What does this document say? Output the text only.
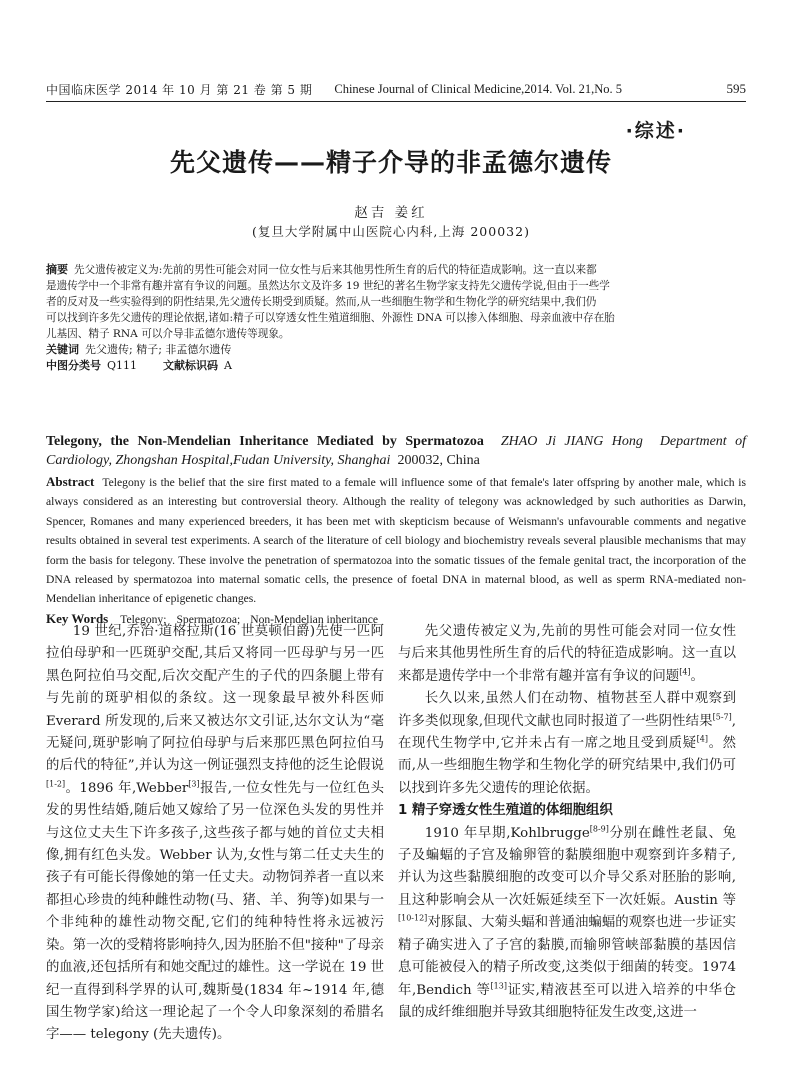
中国临床医学 2014 年 10 月 第 21 卷 第 5 期 Chinese Journal of Clinical Medicine,2014. Vol. 21,No. 5	595
·综述·
先父遗传——精子介导的非孟德尔遗传
赵吉 姜红
(复旦大学附属中山医院心内科,上海 200032)

摘要 先父遗传被定义为:先前的男性可能会对同一位女性与后来其他男性所生育的后代的特征造成影响。这一直以来都

是遗传学中一个非常有趣并富有争议的问题。虽然达尔文及许多 19 世纪的著名生物学家支持先父遗传学说,但由于一些学

者的反对及一些实验得到的阴性结果,先父遗传长期受到质疑。然而,从一些细胞生物学和生物化学的研究结果中,我们仍

可以找到许多先父遗传的理论依据,诸如:精子可以穿透女性生殖道细胞、外源性 DNA 可以掺入体细胞、母亲血液中存在胎

儿基因、精子 RNA 可以介导非孟德尔遗传等现象。

关键词 先父遗传; 精子; 非孟德尔遗传

中图分类号 Q111 文献标识码 A

Telegony, the Non-Mendelian Inheritance Mediated by Spermatozoa ZHAO Ji JIANG Hong Department of Cardiology, Zhongshan Hospital,Fudan University, Shanghai 200032, China

Abstract Telegony is the belief that the sire first mated to a female will influence some of that female's later offspring by another male, which is always considered as an interesting but controversial theory. Although the reality of telegony was acknowledged by such authorities as Darwin, Spencer, Romanes and many experienced breeders, it has been met with skepticism because of Weismann's unfavourable comments and negative results obtained in several test experiments. A search of the literature of cell biology and biochemistry reveals several plausible mechanisms that may form the basis for telegony. These involve the penetration of spermatozoa into the somatic tissues of the female genital tract, the incorporation of the DNA released by spermatozoa into maternal somatic cells, the presence of foetal DNA in maternal blood, as well as sperm RNA-mediated non-Mendelian inheritance of epigenetic changes.

Key Words Telegony; Spermatozoa; Non-Mendelian inheritance

19 世纪,乔治·道格拉斯(16 世莫顿伯爵)先使一匹阿拉伯母驴和一匹斑驴交配,其后又将同一匹母驴与另一匹黑色阿拉伯马交配,后次交配产生的子代的四条腿上带有与先前的斑驴相似的条纹。这一现象最早被外科医师 Everard 所发现的,后来又被达尔文引证,达尔文认为“毫无疑问,斑驴影响了阿拉伯母驴与后来那匹黑色阿拉伯马的后代的特征”,并认为这一例证强烈支持他的泛生论假说[1-2]。1896 年,Webber[3]报告,一位女性先与一位红色头发的男性结婚,随后她又嫁给了另一位深色头发的男性并与这位丈夫生下许多孩子,这些孩子都与她的首位丈夫相像,拥有红色头发。Webber 认为,女性与第二任丈夫生的孩子有可能长得像她的第一任丈夫。动物饲养者一直以来都担心珍贵的纯种雌性动物(马、猪、羊、狗等)如果与一个非纯种的雄性动物交配,它们的纯种特性将永远被污染。第一次的受精将影响持久,因为胚胎不但"接种"了母亲的血液,还包括所有和她交配过的雄性。这一学说在 19 世纪一直得到科学界的认可,魏斯曼(1834 年~1914 年,德国生物学家)给这一理论起了一个令人印象深刻的希腊名字—— telegony (先夫遗传)。

先父遗传被定义为,先前的男性可能会对同一位女性与后来其他男性所生育的后代的特征造成影响。这一直以来都是遗传学中一个非常有趣并富有争议的问题[4]。

长久以来,虽然人们在动物、植物甚至人群中观察到许多类似现象,但现代文献也同时报道了一些阴性结果[5-7],在现代生物学中,它并未占有一席之地且受到质疑[4]。然而,从一些细胞生物学和生物化学的研究结果中,我们仍可以找到许多先父遗传的理论依据。

1 精子穿透女性生殖道的体细胞组织

1910 年早期,Kohlbrugge[8-9]分别在雌性老鼠、兔子及蝙蝠的子宫及输卵管的黏膜细胞中观察到许多精子,并认为这些黏膜细胞的改变可以介导父系对胚胎的影响,且这种影响会从一次妊娠延续至下一次妊娠。Austin 等[10-12]对豚鼠、大菊头蝠和普通油蝙蝠的观察也进一步证实精子确实进入了子宫的黏膜,而输卵管峡部黏膜的基因信息可能被侵入的精子所改变,这类似于细菌的转变。1974 年,Bendich 等[13]证实,精液甚至可以进入培养的中华仓鼠的成纤维细胞并导致其细胞特征发生改变,这进一
